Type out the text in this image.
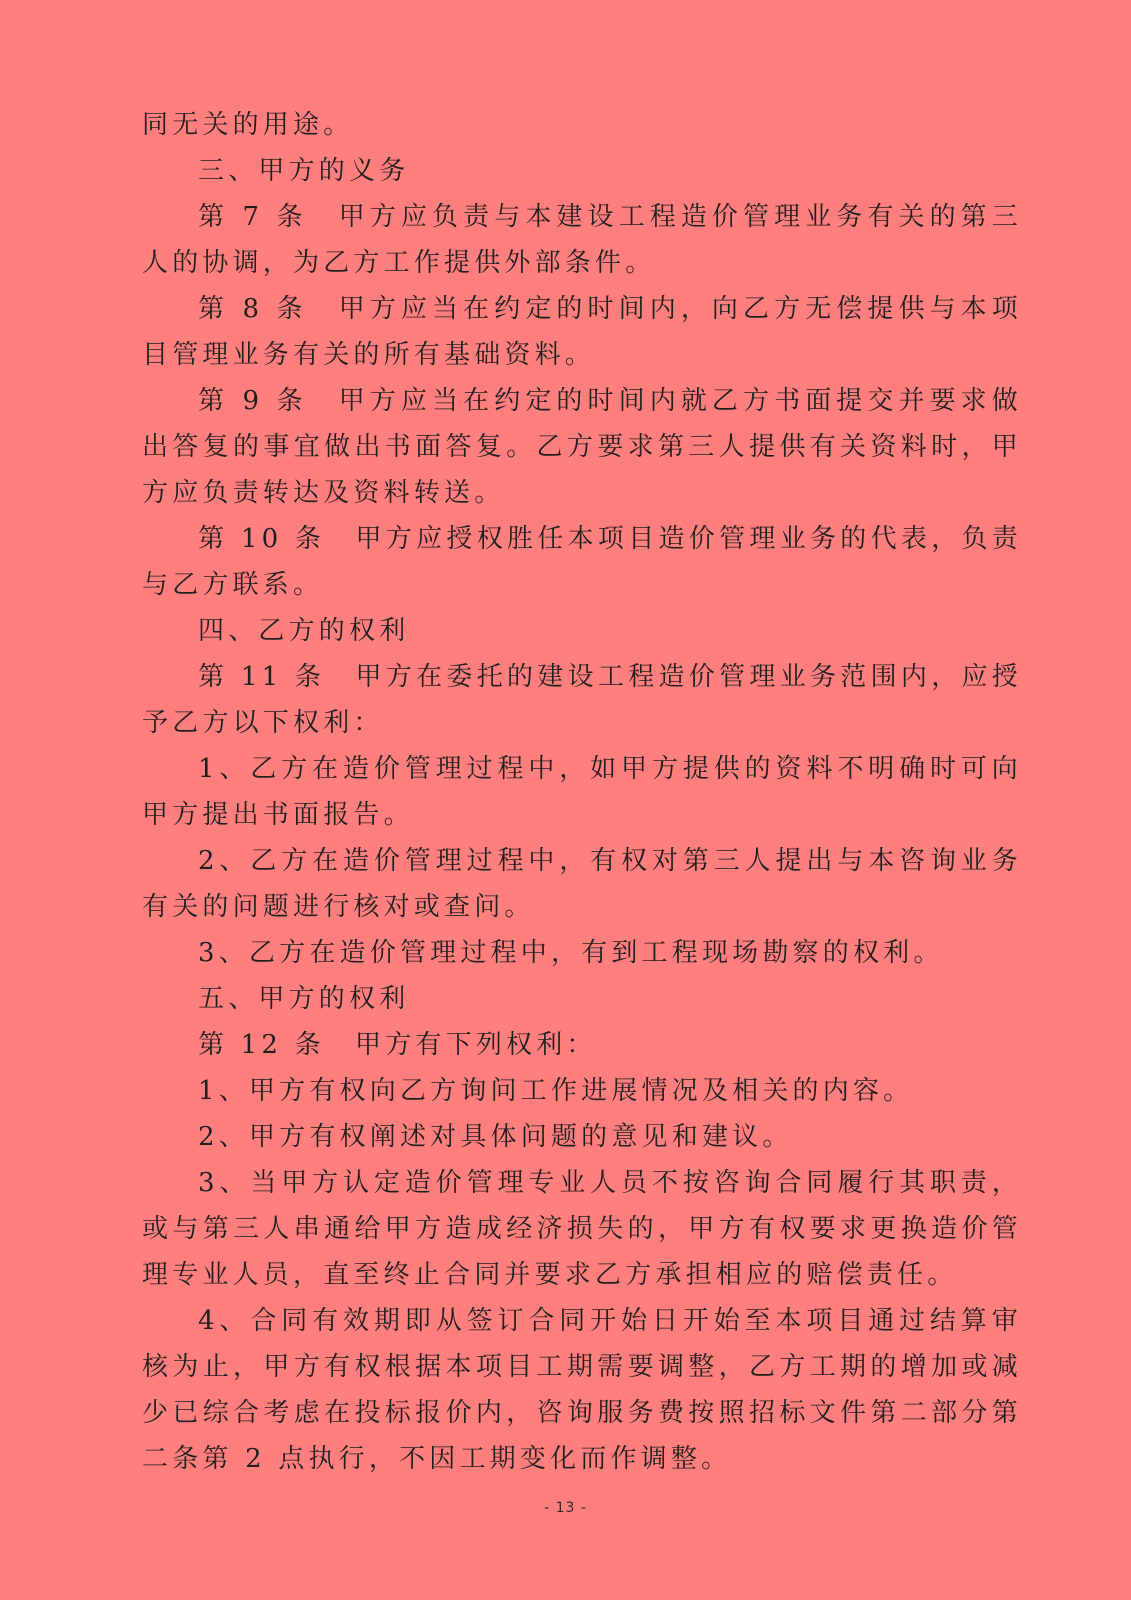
同无关的用途。

三、甲方的义务

第 7 条　甲方应负责与本建设工程造价管理业务有关的第三人的协调，为乙方工作提供外部条件。

第 8 条　甲方应当在约定的时间内，向乙方无偿提供与本项目管理业务有关的所有基础资料。

第 9 条　甲方应当在约定的时间内就乙方书面提交并要求做出答复的事宜做出书面答复。乙方要求第三人提供有关资料时，甲方应负责转达及资料转送。

第 10 条　甲方应授权胜任本项目造价管理业务的代表，负责与乙方联系。

四、乙方的权利

第 11 条　甲方在委托的建设工程造价管理业务范围内，应授予乙方以下权利：

1、乙方在造价管理过程中，如甲方提供的资料不明确时可向甲方提出书面报告。

2、乙方在造价管理过程中，有权对第三人提出与本咨询业务有关的问题进行核对或查问。

3、乙方在造价管理过程中，有到工程现场勘察的权利。

五、甲方的权利

第 12 条　甲方有下列权利：

1、甲方有权向乙方询问工作进展情况及相关的内容。

2、甲方有权阐述对具体问题的意见和建议。

3、当甲方认定造价管理专业人员不按咨询合同履行其职责，或与第三人串通给甲方造成经济损失的，甲方有权要求更换造价管理专业人员，直至终止合同并要求乙方承担相应的赔偿责任。

4、合同有效期即从签订合同开始日开始至本项目通过结算审核为止，甲方有权根据本项目工期需要调整，乙方工期的增加或减少已综合考虑在投标报价内，咨询服务费按照招标文件第二部分第二条第 2 点执行，不因工期变化而作调整。

- 13 -
